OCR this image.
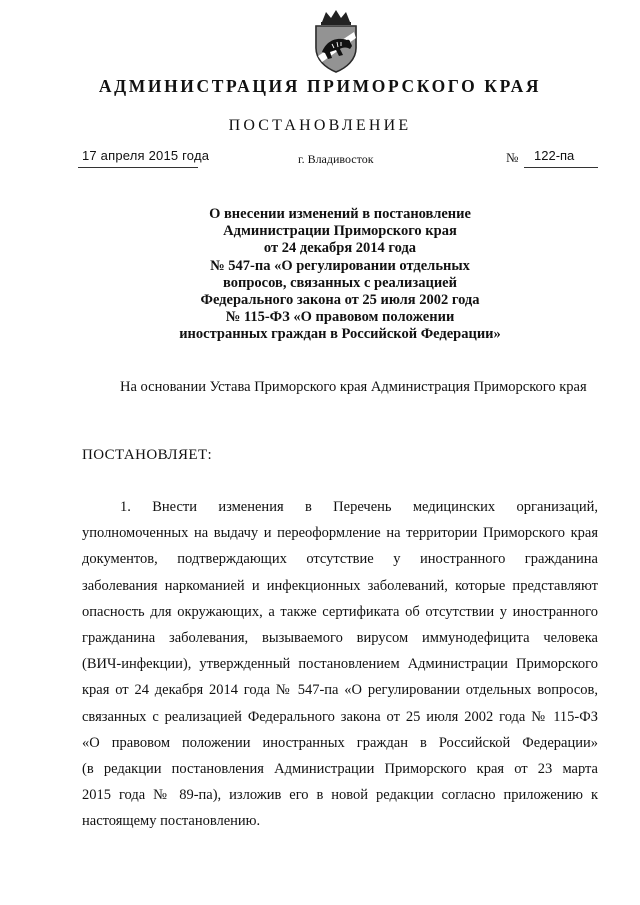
АДМИНИСТРАЦИЯ ПРИМОРСКОГО КРАЯ
ПОСТАНОВЛЕНИЕ
17 апреля 2015 года	г. Владивосток	№ 122-па
О внесении изменений в постановление
Администрации Приморского края
от 24 декабря 2014 года
№ 547-па «О регулировании отдельных
вопросов, связанных с реализацией
Федерального закона от 25 июля 2002 года
№ 115-ФЗ «О правовом положении
иностранных граждан в Российской Федерации»
На основании Устава Приморского края Администрация Приморского края
ПОСТАНОВЛЯЕТ:
1. Внести изменения в Перечень медицинских организаций,
уполномоченных на выдачу и переоформление на территории Приморского края
документов, подтверждающих отсутствие у иностранного гражданина
заболевания наркоманией и инфекционных заболеваний, которые представляют
опасность для окружающих, а также сертификата об отсутствии у иностранного
гражданина заболевания, вызываемого вирусом иммунодефицита человека
(ВИЧ-инфекции), утвержденный постановлением Администрации Приморского
края от 24 декабря 2014 года № 547-па «О регулировании отдельных вопросов,
связанных с реализацией Федерального закона от 25 июля 2002 года № 115-ФЗ
«О правовом положении иностранных граждан в Российской Федерации»
(в редакции постановления Администрации Приморского края от 23 марта
2015 года № 89-па), изложив его в новой редакции согласно приложению к
настоящему постановлению.
